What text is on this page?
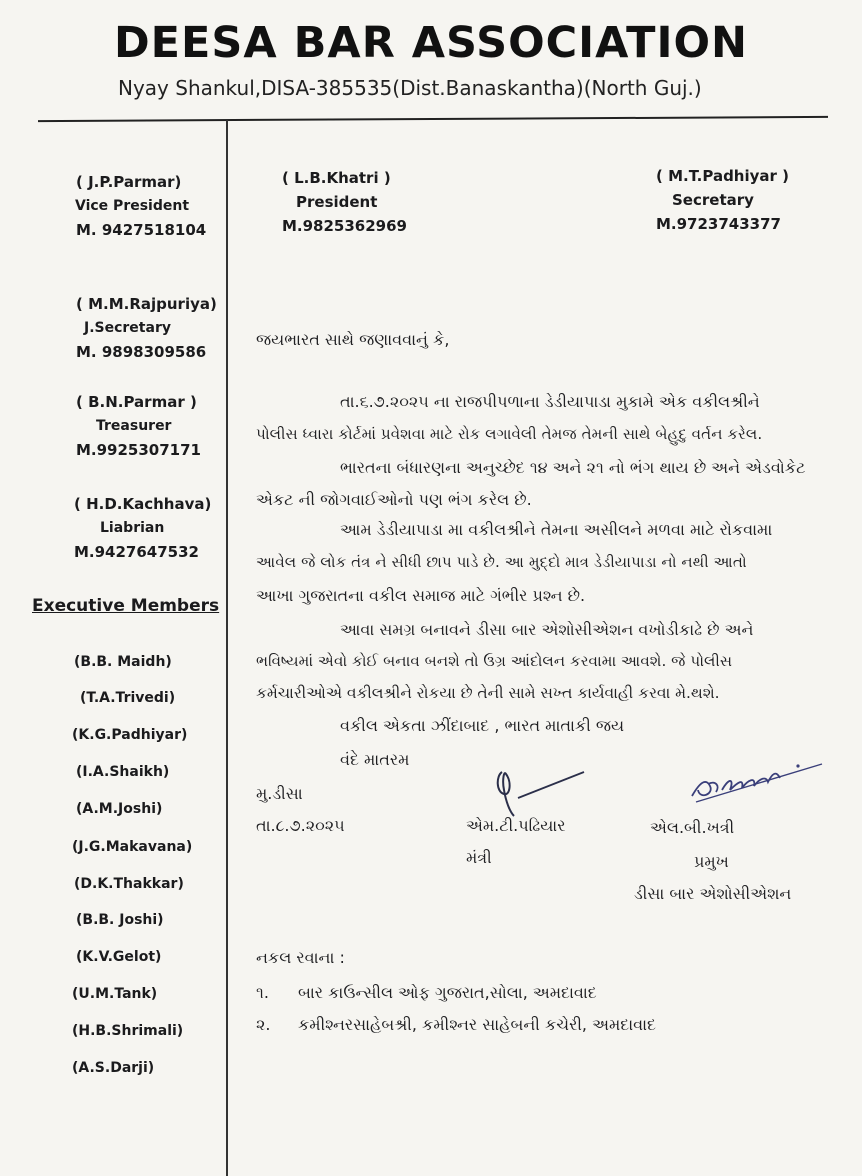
DEESA BAR ASSOCIATION
Nyay Shankul,DISA-385535(Dist.Banaskantha)(North Guj.)
( J.P.Parmar)
Vice President
M. 9427518104
( L.B.Khatri )
President
M.9825362969
( M.T.Padhiyar )
Secretary
M.9723743377
( M.M.Rajpuriya)
J.Secretary
M. 9898309586
( B.N.Parmar )
Treasurer
M.9925307171
( H.D.Kachhava)
Liabrian
M.9427647532
Executive Members
(B.B. Maidh)
(T.A.Trivedi)
(K.G.Padhiyar)
(I.A.Shaikh)
(A.M.Joshi)
(J.G.Makavana)
(D.K.Thakkar)
(B.B. Joshi)
(K.V.Gelot)
(U.M.Tank)
(H.B.Shrimali)
(A.S.Darji)
જયભારત સાથે જણાવવાનું કે,
તા.૬.૭.૨૦૨૫ ના રાજપીપળાના ડેડીયાપાડા મુકામે એક વકીલશ્રીને
પોલીસ ધ્વારા કોર્ટમાં પ્રવેશવા માટે રોક લગાવેલી તેમજ તેમની સાથે બેહુદુ વર્તન કરેલ.
ભારતના બંધારણના અનુચ્છેદ ૧૪ અને ૨૧ નો ભંગ થાય છે અને એડવોકેટ
એકટ ની જોગવાઈઓનો પણ ભંગ કરેલ છે.
આમ ડેડીયાપાડા મા વકીલશ્રીને તેમના અસીલને મળવા માટે રોકવામા
આવેલ જે લોક તંત્ર ને સીધી છાપ પાડે છે. આ મુદ્દો માત્ર ડેડીયાપાડા નો નથી આતો
આખા ગુજરાતના વકીલ સમાજ માટે ગંભીર પ્રશ્ન છે.
આવા સમગ્ર બનાવને ડીસા બાર એશોસીએશન વખોડીકાઢે છે અને
ભવિષ્યમાં એવો કોઈ બનાવ બનશે તો ઉગ્ર આંદોલન કરવામા આવશે. જે પોલીસ
કર્મચારીઓએ વકીલશ્રીને રોકયા છે તેની સામે સખ્ત કાર્યવાહી કરવા મે.થશે.
વકીલ એકતા ઝીંદાબાદ , ભારત માતાકી જય
વંદે માતરમ
મુ.ડીસા
તા.૮.૭.૨૦૨૫	એમ.ટી.પઢિયાર
મંત્રી
એલ.બી.ખત્રી
પ્રમુખ
ડીસા બાર એશોસીએશન
નકલ રવાના :
૧. બાર કાઉન્સીલ ઓફ ગુજરાત,સોલા, અમદાવાદ
૨. કમીશ્નરસાહેબશ્રી, કમીશ્નર સાહેબની કચેરી, અમદાવાદ
